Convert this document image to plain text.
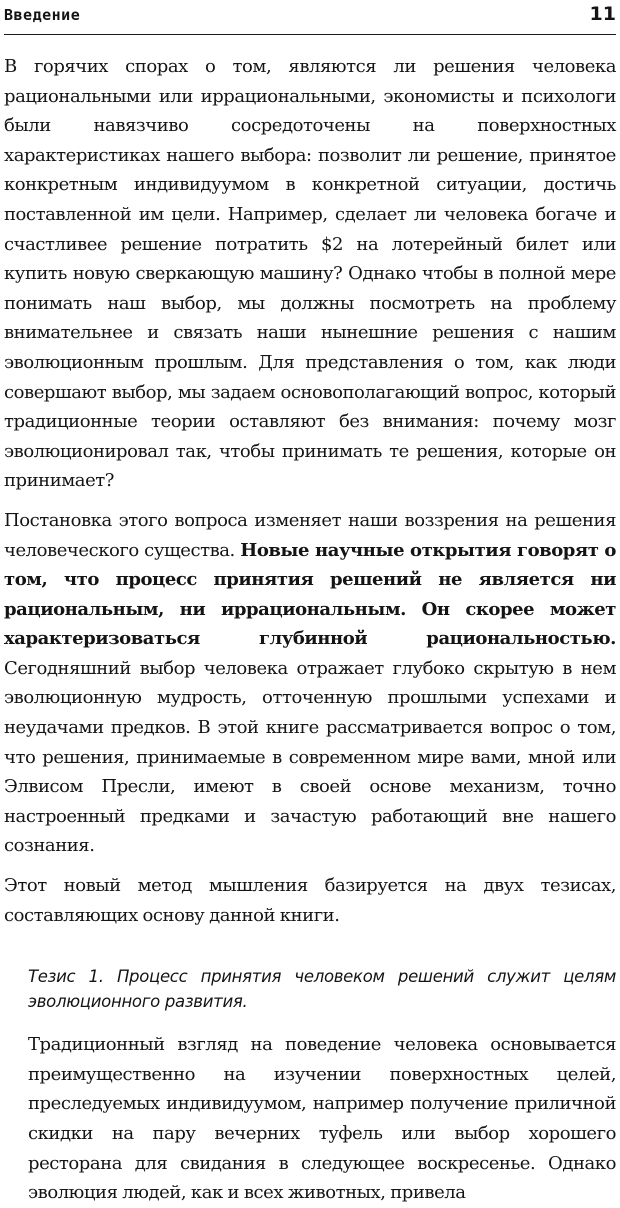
Введение	11

В горячих спорах о том, являются ли решения человека рациональными или иррациональными, экономисты и психологи были навязчиво сосредоточены на поверхностных характеристиках нашего выбора: позволит ли решение, принятое конкретным индивидуумом в конкретной ситуации, достичь поставленной им цели. Например, сделает ли человека богаче и счастливее решение потратить $2 на лотерейный билет или купить новую сверкающую машину? Однако чтобы в полной мере понимать наш выбор, мы должны посмотреть на проблему внимательнее и связать наши нынешние решения с нашим эволюционным прошлым. Для представления о том, как люди совершают выбор, мы задаем основополагающий вопрос, который традиционные теории оставляют без внимания: почему мозг эволюционировал так, чтобы принимать те решения, которые он принимает?

Постановка этого вопроса изменяет наши воззрения на решения человеческого существа. Новые научные открытия говорят о том, что процесс принятия решений не является ни рациональным, ни иррациональным. Он скорее может характеризоваться глубинной рациональностью. Сегодняшний выбор человека отражает глубоко скрытую в нем эволюционную мудрость, отточенную прошлыми успехами и неудачами предков. В этой книге рассматривается вопрос о том, что решения, принимаемые в современном мире вами, мной или Элвисом Пресли, имеют в своей основе механизм, точно настроенный предками и зачастую работающий вне нашего сознания.

Этот новый метод мышления базируется на двух тезисах, составляющих основу данной книги.

Тезис 1. Процесс принятия человеком решений служит целям эволюционного развития.

Традиционный взгляд на поведение человека основывается преимущественно на изучении поверхностных целей, преследуемых индивидуумом, например получение приличной скидки на пару вечерних туфель или выбор хорошего ресторана для свидания в следующее воскресенье. Однако эволюция людей, как и всех животных, привела
